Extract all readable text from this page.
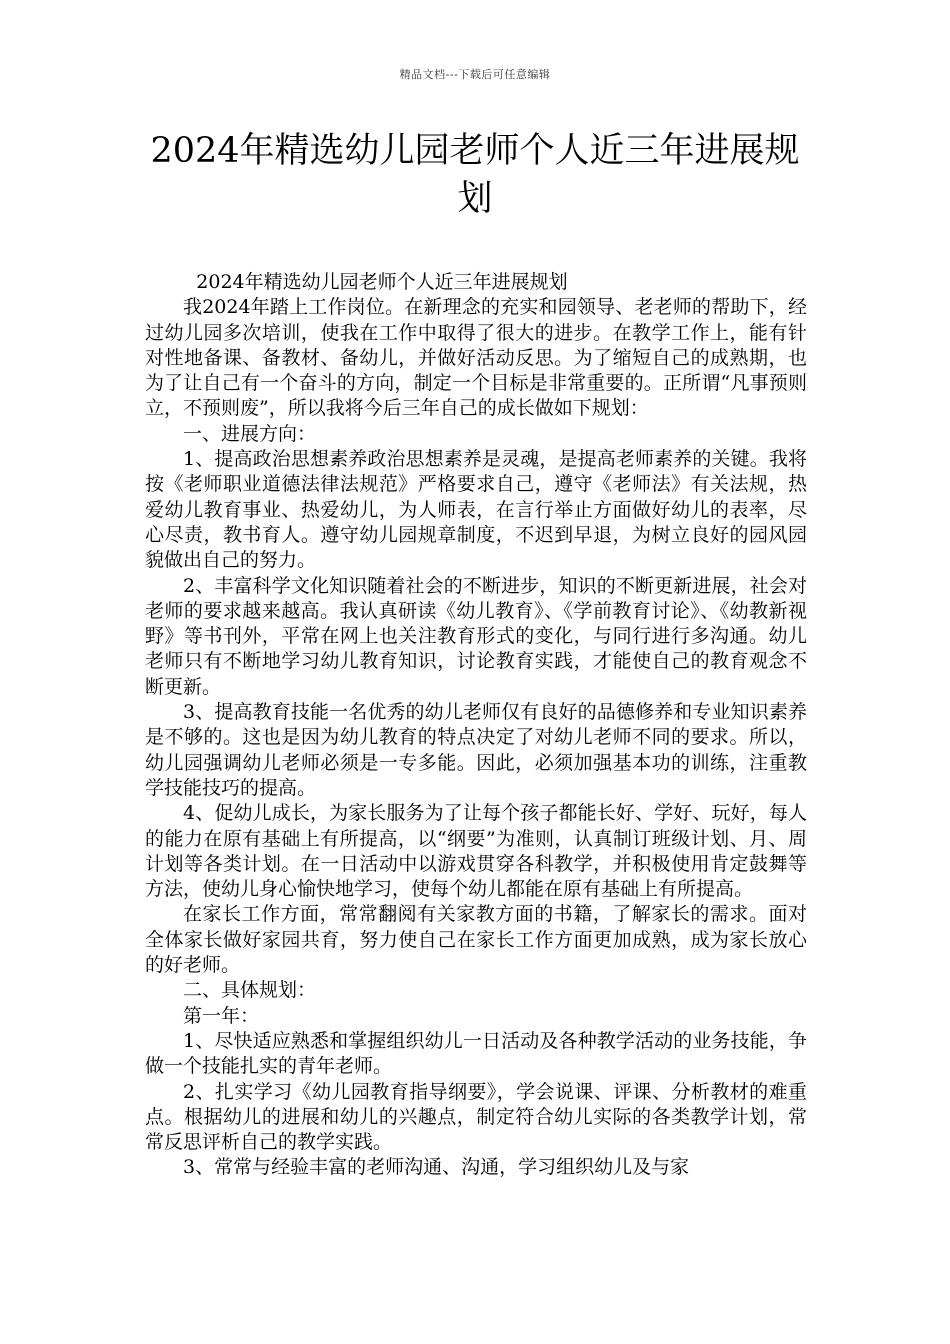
精品文档---下载后可任意编辑
2024年精选幼儿园老师个人近三年进展规划

2024年精选幼儿园老师个人近三年进展规划

我2024年踏上工作岗位。在新理念的充实和园领导、老老师的帮助下，经过幼儿园多次培训，使我在工作中取得了很大的进步。在教学工作上，能有针对性地备课、备教材、备幼儿，并做好活动反思。为了缩短自己的成熟期，也为了让自己有一个奋斗的方向，制定一个目标是非常重要的。正所谓“凡事预则立，不预则废”，所以我将今后三年自己的成长做如下规划：

一、进展方向：

1、提高政治思想素养政治思想素养是灵魂，是提高老师素养的关键。我将按《老师职业道德法律法规范》严格要求自己，遵守《老师法》有关法规，热爱幼儿教育事业、热爱幼儿，为人师表，在言行举止方面做好幼儿的表率，尽心尽责，教书育人。遵守幼儿园规章制度，不迟到早退，为树立良好的园风园貌做出自己的努力。

2、丰富科学文化知识随着社会的不断进步，知识的不断更新进展，社会对老师的要求越来越高。我认真研读《幼儿教育》、《学前教育讨论》、《幼教新视野》等书刊外，平常在网上也关注教育形式的变化，与同行进行多沟通。幼儿老师只有不断地学习幼儿教育知识，讨论教育实践，才能使自己的教育观念不断更新。

3、提高教育技能一名优秀的幼儿老师仅有良好的品德修养和专业知识素养是不够的。这也是因为幼儿教育的特点决定了对幼儿老师不同的要求。所以，幼儿园强调幼儿老师必须是一专多能。因此，必须加强基本功的训练，注重教学技能技巧的提高。

4、促幼儿成长，为家长服务为了让每个孩子都能长好、学好、玩好，每人的能力在原有基础上有所提高，以“纲要”为准则，认真制订班级计划、月、周计划等各类计划。在一日活动中以游戏贯穿各科教学，并积极使用肯定鼓舞等方法，使幼儿身心愉快地学习，使每个幼儿都能在原有基础上有所提高。

在家长工作方面，常常翻阅有关家教方面的书籍，了解家长的需求。面对全体家长做好家园共育，努力使自己在家长工作方面更加成熟，成为家长放心的好老师。

二、具体规划：

第一年：

1、尽快适应熟悉和掌握组织幼儿一日活动及各种教学活动的业务技能，争做一个技能扎实的青年老师。

2、扎实学习《幼儿园教育指导纲要》，学会说课、评课、分析教材的难重点。根据幼儿的进展和幼儿的兴趣点，制定符合幼儿实际的各类教学计划，常常反思评析自己的教学实践。

3、常常与经验丰富的老师沟通、沟通，学习组织幼儿及与家
